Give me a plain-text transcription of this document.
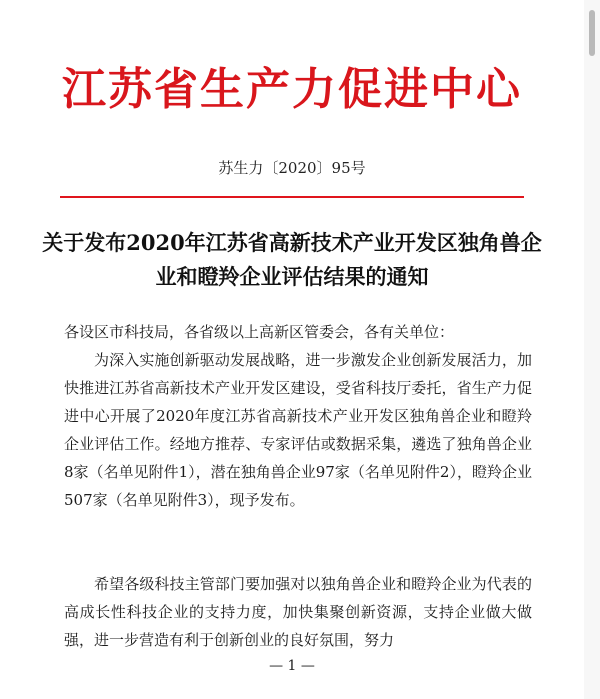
江苏省生产力促进中心
苏生力〔2020〕95号
关于发布2020年江苏省高新技术产业开发区独角兽企业和瞪羚企业评估结果的通知
各设区市科技局，各省级以上高新区管委会，各有关单位：
为深入实施创新驱动发展战略，进一步激发企业创新发展活力，加快推进江苏省高新技术产业开发区建设，受省科技厅委托，省生产力促进中心开展了2020年度江苏省高新技术产业开发区独角兽企业和瞪羚企业评估工作。经地方推荐、专家评估或数据采集，遴选了独角兽企业8家（名单见附件1），潜在独角兽企业97家（名单见附件2），瞪羚企业507家（名单见附件3），现予发布。
希望各级科技主管部门要加强对以独角兽企业和瞪羚企业为代表的高成长性科技企业的支持力度，加快集聚创新资源，支持企业做大做强，进一步营造有利于创新创业的良好氛围，努力
— 1 —
